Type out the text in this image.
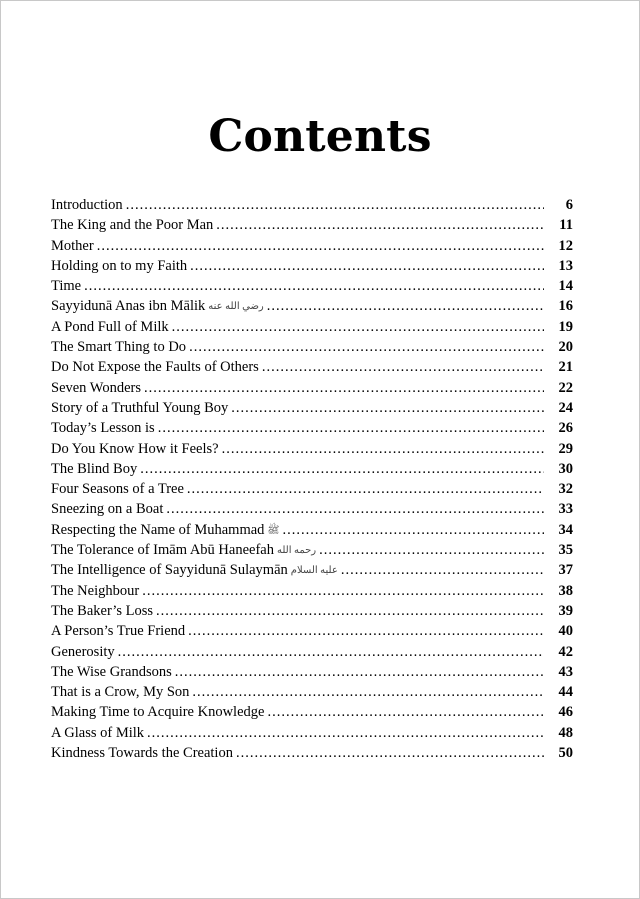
Contents
Introduction .....	6
The King and the Poor Man .....	11
Mother .....	12
Holding on to my Faith .....	13
Time .....	14
Sayyidunā Anas ibn Mālik رضي الله عنه .....	16
A Pond Full of Milk .....	19
The Smart Thing to Do .....	20
Do Not Expose the Faults of Others .....	21
Seven Wonders .....	22
Story of a Truthful Young Boy .....	24
Today’s Lesson is .....	26
Do You Know How it Feels? .....	29
The Blind Boy .....	30
Four Seasons of a Tree .....	32
Sneezing on a Boat .....	33
Respecting the Name of Muhammad ﷺ .....	34
The Tolerance of Imām Abū Haneefah رحمه الله .....	35
The Intelligence of Sayyidunā Sulaymān عليه السلام .....	37
The Neighbour .....	38
The Baker’s Loss .....	39
A Person’s True Friend .....	40
Generosity .....	42
The Wise Grandsons .....	43
That is a Crow, My Son .....	44
Making Time to Acquire Knowledge .....	46
A Glass of Milk .....	48
Kindness Towards the Creation .....	50
